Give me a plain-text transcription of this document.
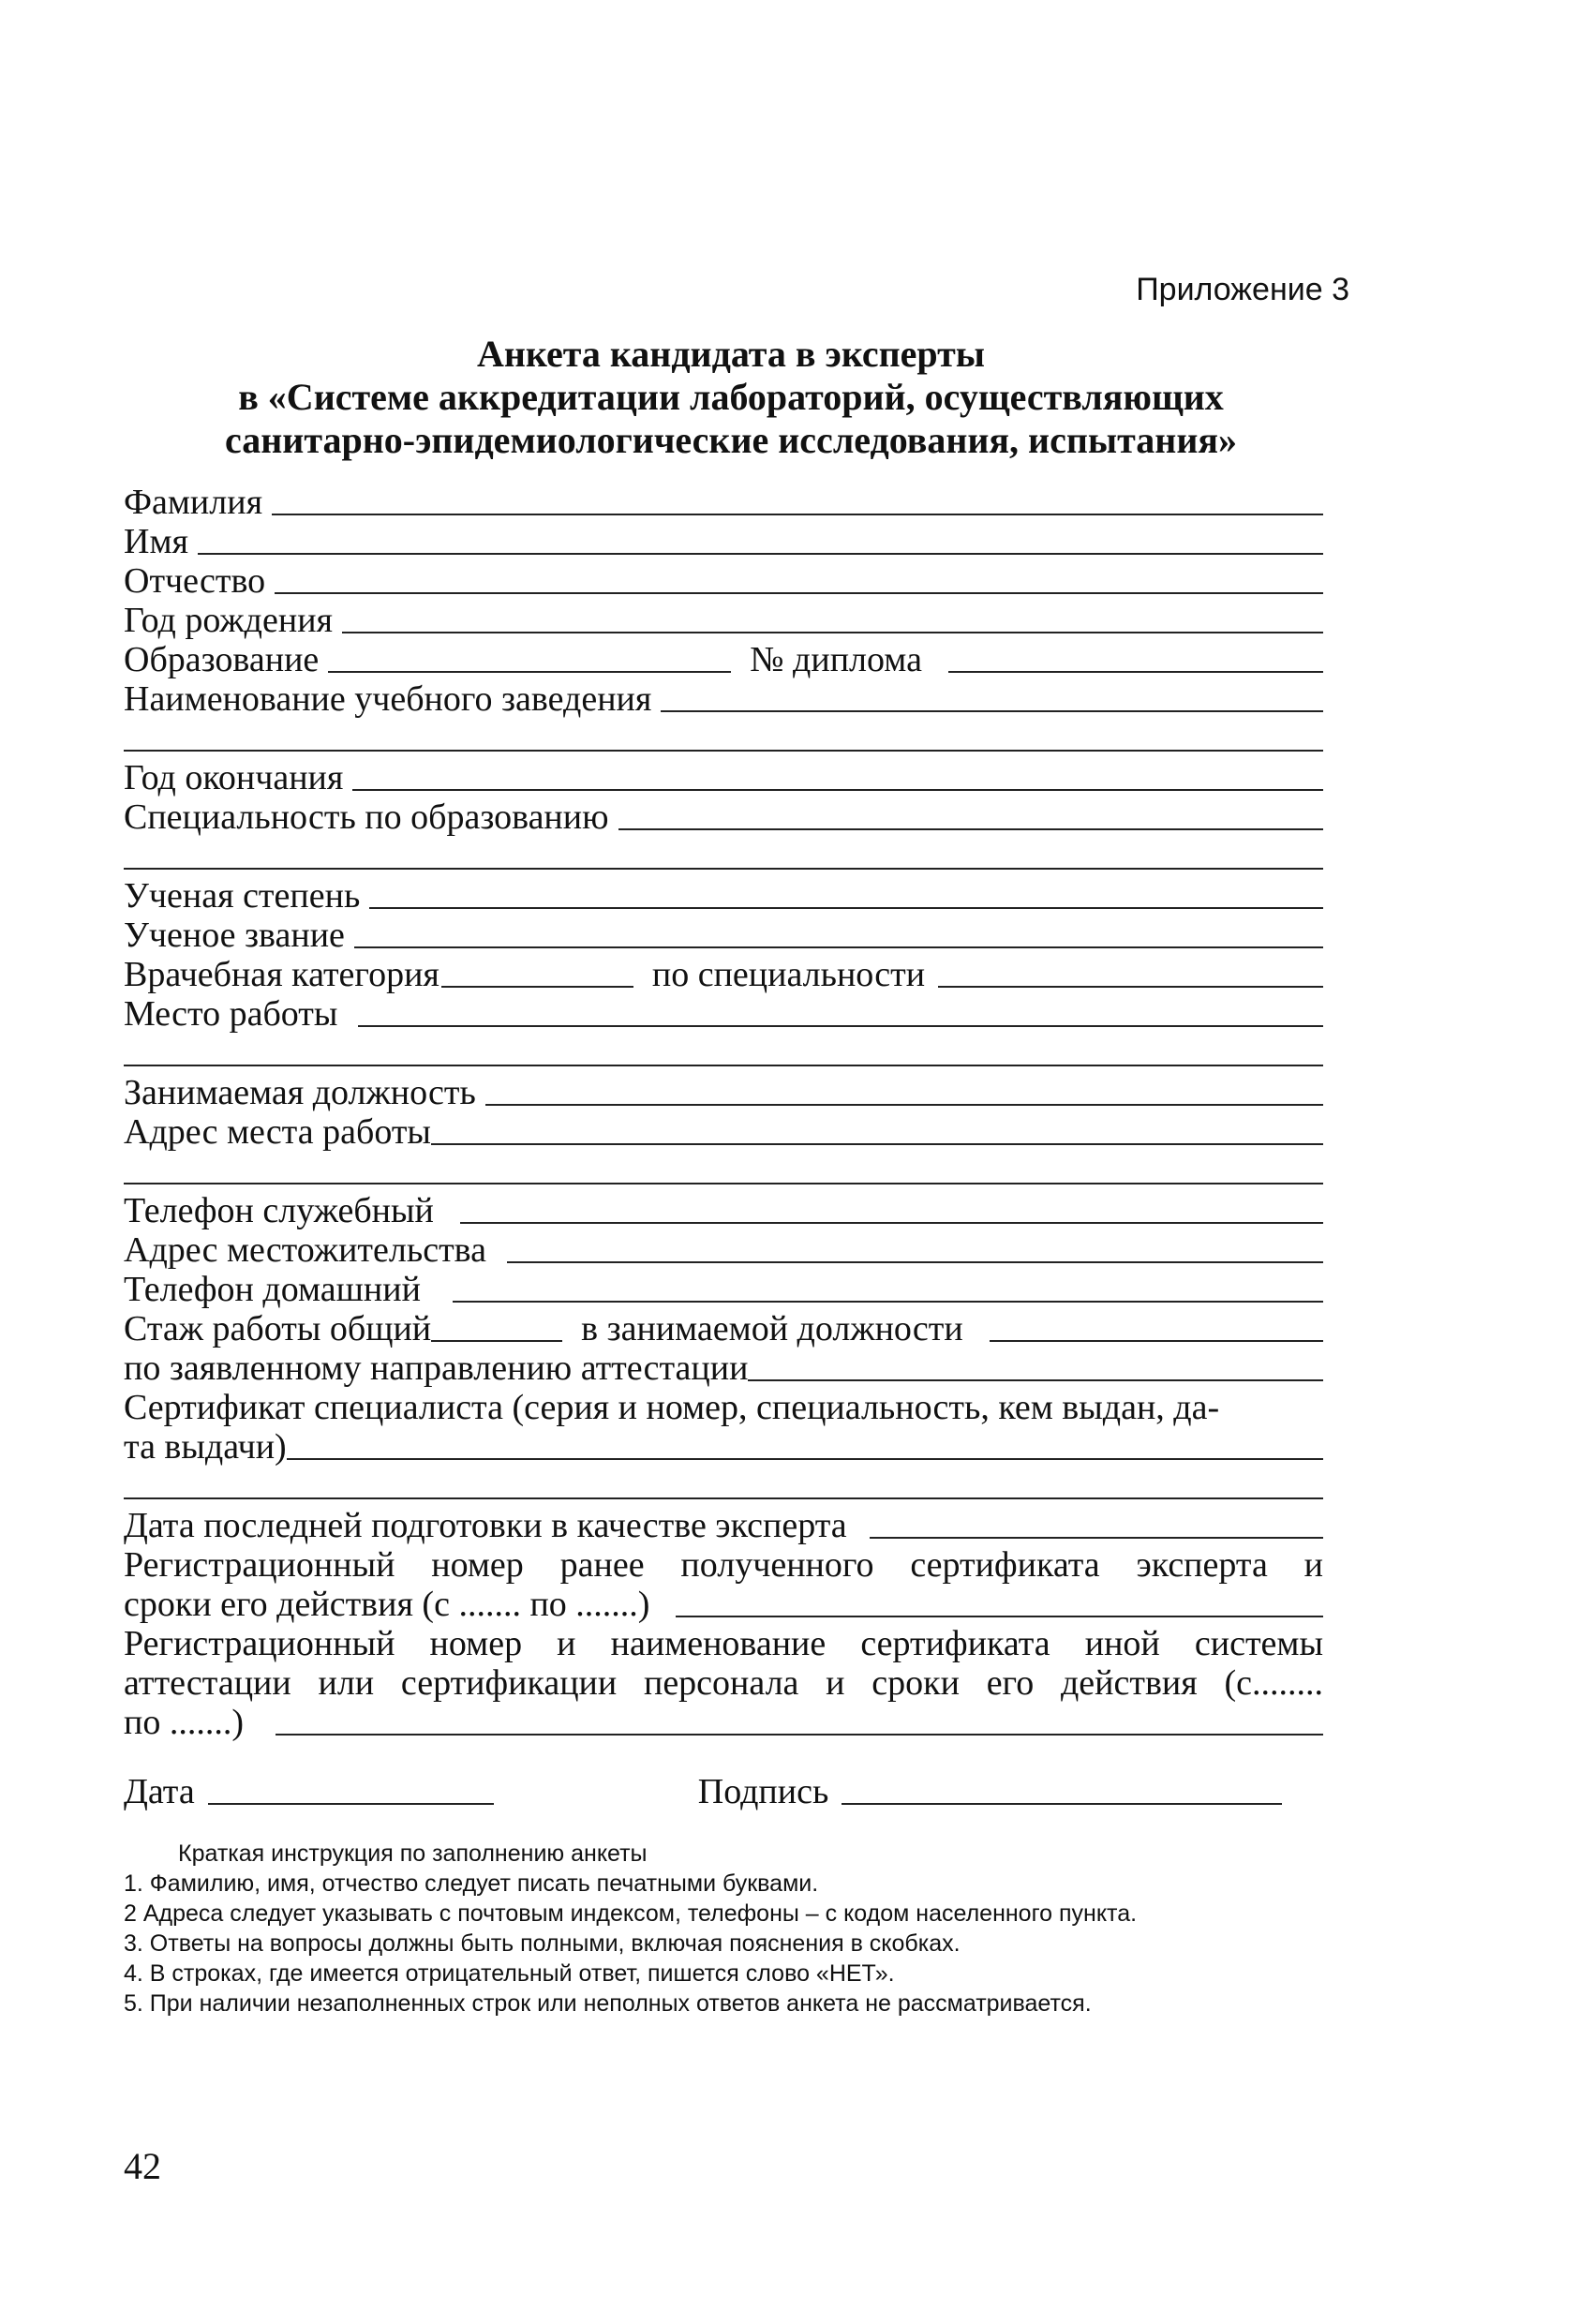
Приложение 3
Анкета кандидата в эксперты
в «Системе аккредитации лабораторий, осуществляющих
санитарно-эпидемиологические исследования, испытания»
Фамилия
Имя
Отчество
Год рождения
Образование	№ диплома
Наименование учебного заведения
Год окончания
Специальность по образованию
Ученая степень
Ученое звание
Врачебная категория	по специальности
Место работы
Занимаемая должность
Адрес места работы
Телефон служебный
Адрес местожительства
Телефон домашний
Стаж работы общий	в занимаемой должности
по заявленному направлению аттестации
Сертификат специалиста (серия и номер, специальность, кем выдан, да-
та выдачи)
Дата последней подготовки в качестве эксперта
Регистрационный номер ранее полученного сертификата эксперта и
сроки его действия (с ....... по .......)
Регистрационный номер и наименование сертификата иной системы
аттестации или сертификации персонала и сроки его действия (с........
по .......)
Дата	Подпись
Краткая инструкция по заполнению анкеты
1. Фамилию, имя, отчество следует писать печатными буквами.
2 Адреса следует указывать с почтовым индексом, телефоны – с кодом населенного пункта.
3. Ответы на вопросы должны быть полными, включая пояснения в скобках.
4. В строках, где имеется отрицательный ответ, пишется слово «НЕТ».
5. При наличии незаполненных строк или неполных ответов анкета не рассматривается.
42
